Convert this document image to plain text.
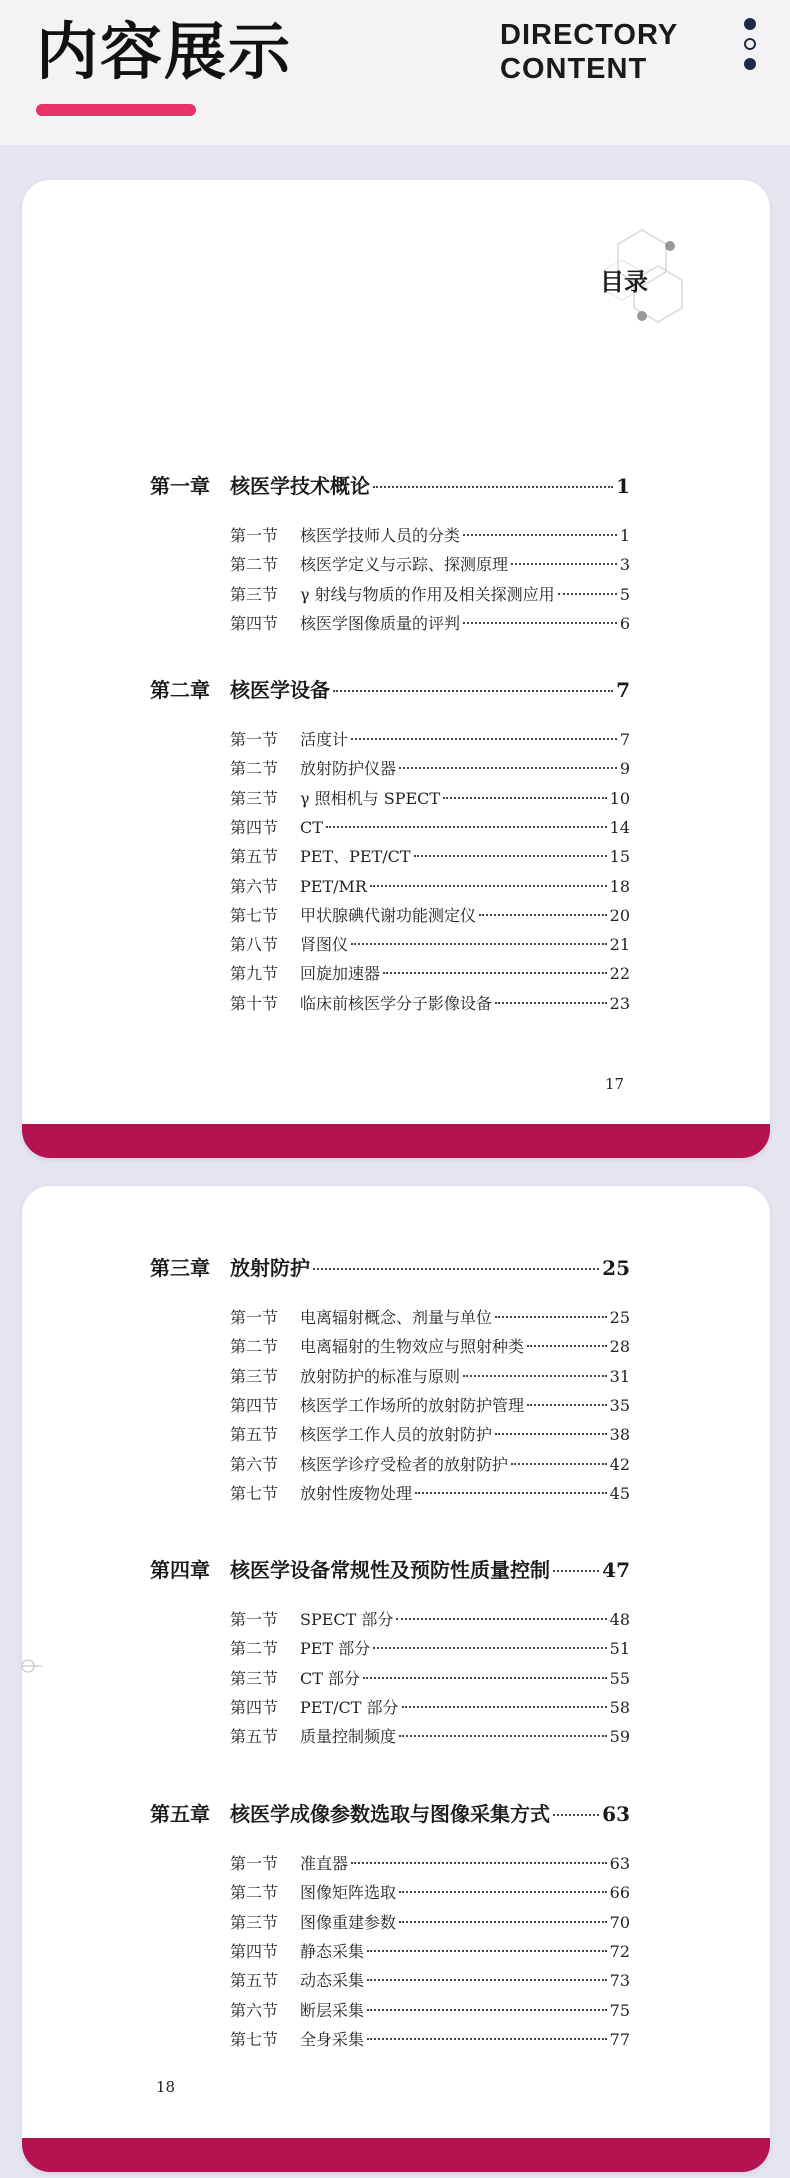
内容展示	DIRECTORY
CONTENT
目录
第一章	核医学技术概论	1
第一节	核医学技师人员的分类	1
第二节	核医学定义与示踪、探测原理	3
第三节	γ 射线与物质的作用及相关探测应用	5
第四节	核医学图像质量的评判	6
第二章	核医学设备	7
第一节	活度计	7
第二节	放射防护仪器	9
第三节	γ 照相机与 SPECT	10
第四节	CT	14
第五节	PET、PET/CT	15
第六节	PET/MR	18
第七节	甲状腺碘代谢功能测定仪	20
第八节	肾图仪	21
第九节	回旋加速器	22
第十节	临床前核医学分子影像设备	23
17
第三章	放射防护	25
第一节	电离辐射概念、剂量与单位	25
第二节	电离辐射的生物效应与照射种类	28
第三节	放射防护的标准与原则	31
第四节	核医学工作场所的放射防护管理	35
第五节	核医学工作人员的放射防护	38
第六节	核医学诊疗受检者的放射防护	42
第七节	放射性废物处理	45
第四章	核医学设备常规性及预防性质量控制	47
第一节	SPECT 部分	48
第二节	PET 部分	51
第三节	CT 部分	55
第四节	PET/CT 部分	58
第五节	质量控制频度	59
第五章	核医学成像参数选取与图像采集方式	63
第一节	准直器	63
第二节	图像矩阵选取	66
第三节	图像重建参数	70
第四节	静态采集	72
第五节	动态采集	73
第六节	断层采集	75
第七节	全身采集	77
18
